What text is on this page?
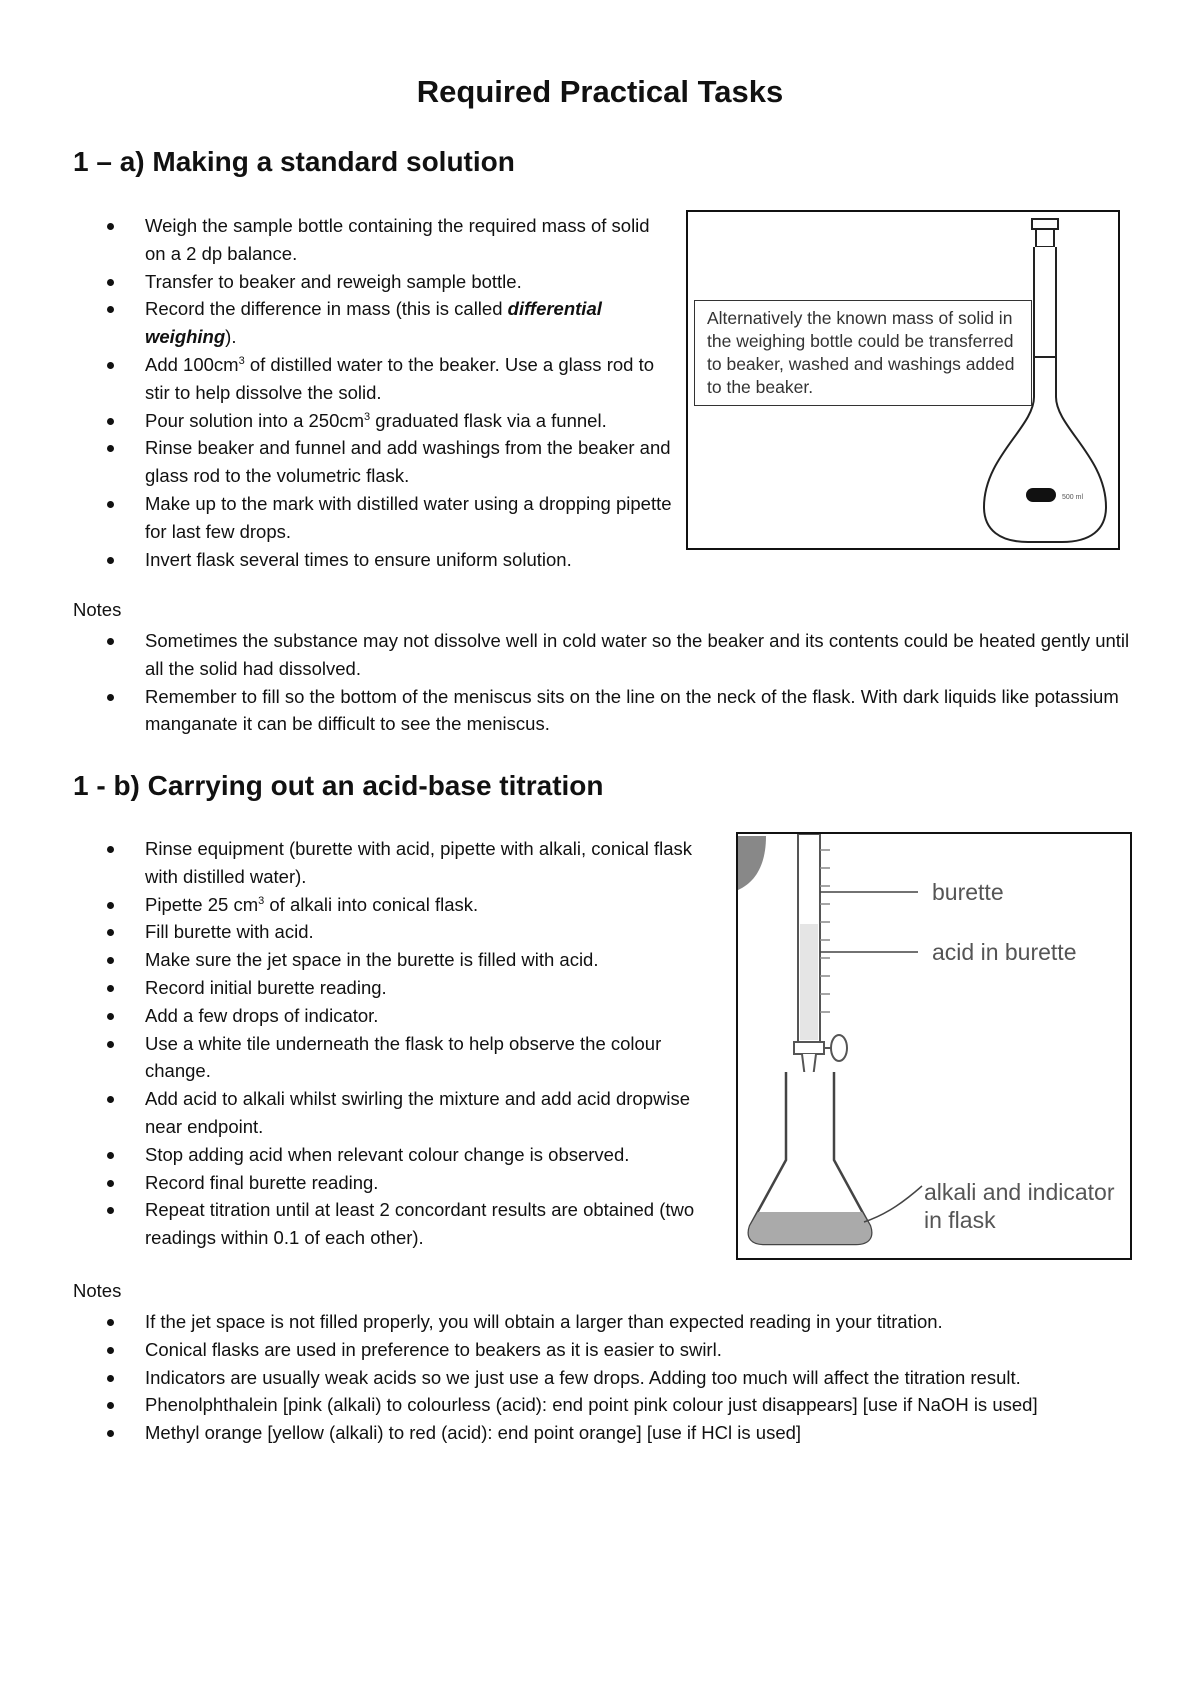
Required Practical Tasks
1 – a) Making a standard solution
Weigh the sample bottle containing the required mass of solid on a 2 dp balance.
Transfer to beaker and reweigh sample bottle.
Record the difference in mass (this is called differential weighing).
Add $100cm^3$ of distilled water to the beaker. Use a glass rod to stir to help dissolve the solid.
Pour solution into a $250cm^3$ graduated flask via a funnel.
Rinse beaker and funnel and add washings from the beaker and glass rod to the volumetric flask.
Make up to the mark with distilled water using a dropping pipette for last few drops.
Invert flask several times to ensure uniform solution.
500 ml
Alternatively the known mass of solid in the weighing bottle could be transferred to beaker, washed and washings added to the beaker.
Notes
Sometimes the substance may not dissolve well in cold water so the beaker and its contents could be heated gently until all the solid had dissolved.
Remember to fill so the bottom of the meniscus sits on the line on the neck of the flask. With dark liquids like potassium manganate it can be difficult to see the meniscus.
1 - b) Carrying out an acid-base titration
Rinse equipment (burette with acid, pipette with alkali, conical flask with distilled water).
Pipette 25 $cm^3$ of alkali into conical flask.
Fill burette with acid.
Make sure the jet space in the burette is filled with acid.
Record initial burette reading.
Add a few drops of indicator.
Use a white tile underneath the flask to help observe the colour change.
Add acid to alkali whilst swirling the mixture and add acid dropwise near endpoint.
Stop adding acid when relevant colour change is observed.
Record final burette reading.
Repeat titration until at least 2 concordant results are obtained (two readings within 0.1 of each other).
burette
acid in burette
alkali and indicator
in flask
Notes
If the jet space is not filled properly, you will obtain a larger than expected reading in your titration.
Conical flasks are used in preference to beakers as it is easier to swirl.
Indicators are usually weak acids so we just use a few drops. Adding too much will affect the titration result.
Phenolphthalein [pink (alkali) to colourless (acid): end point pink colour just disappears] [use if NaOH is used]
Methyl orange [yellow (alkali) to red (acid): end point orange] [use if HCl is used]
